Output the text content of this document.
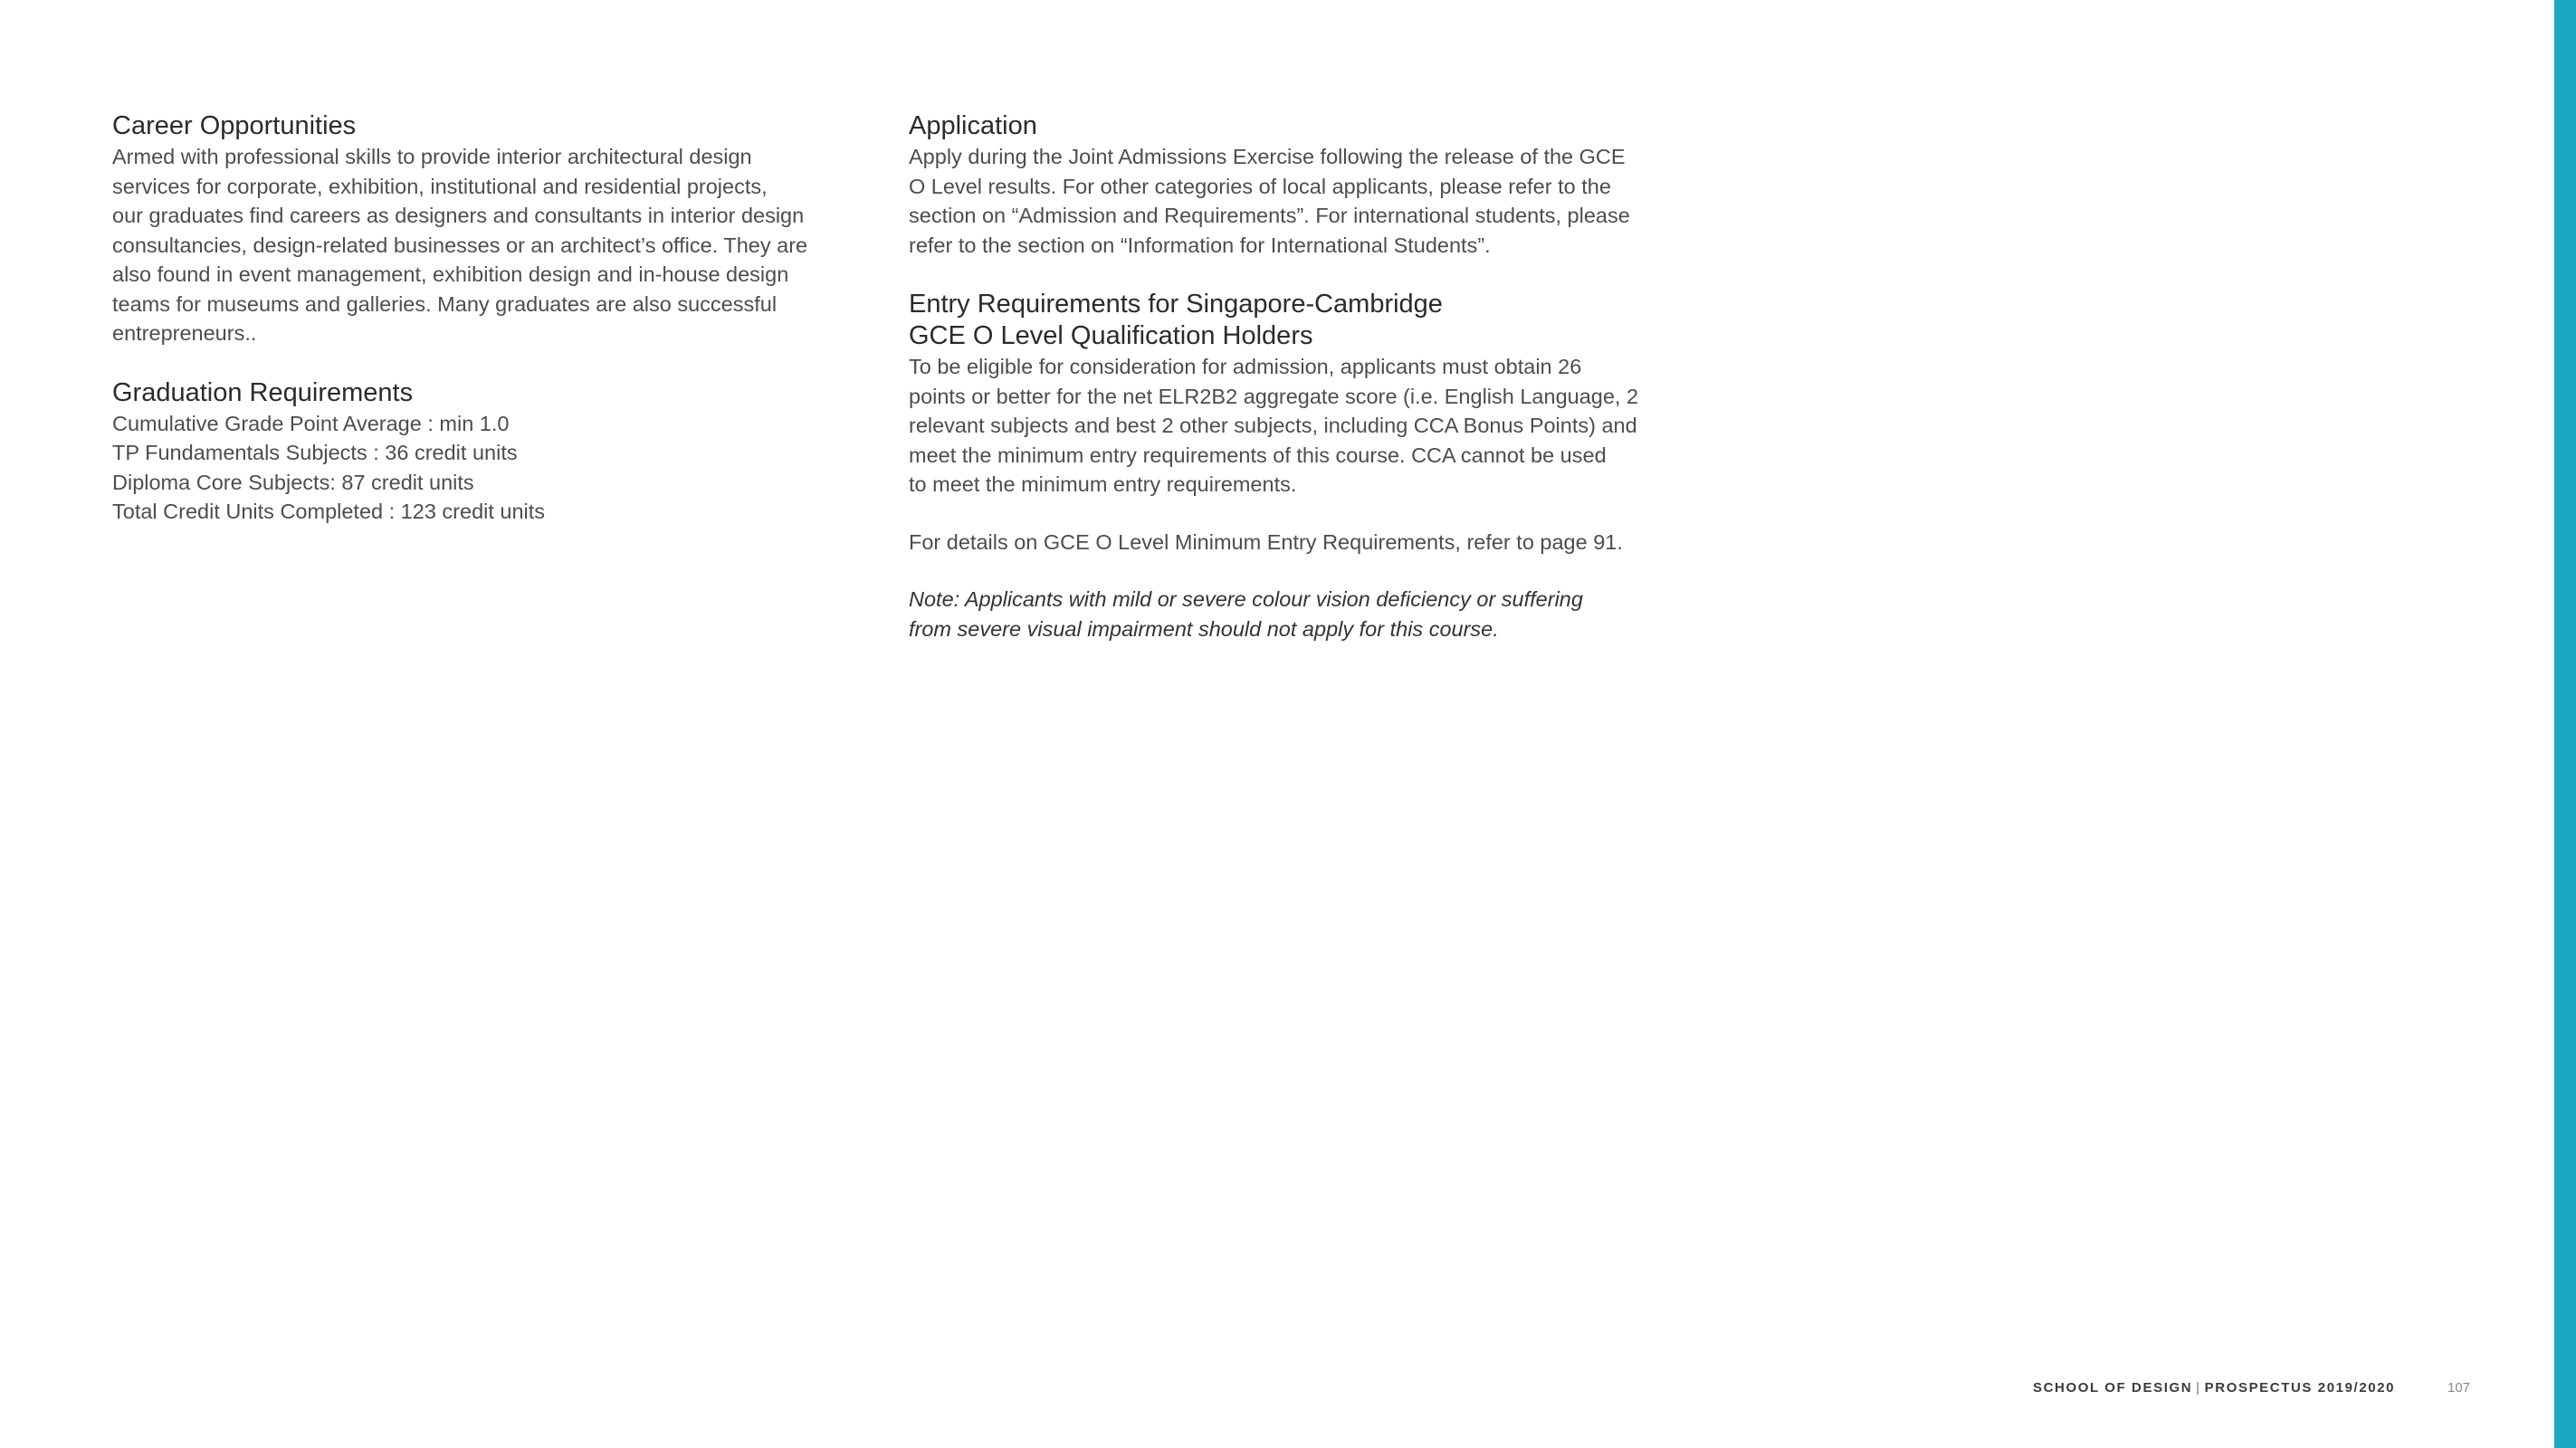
Career Opportunities

Armed with professional skills to provide interior architectural design

services for corporate, exhibition, institutional and residential projects,

our graduates find careers as designers and consultants in interior design

consultancies, design-related businesses or an architect’s office. They are

also found in event management, exhibition design and in-house design

teams for museums and galleries. Many graduates are also successful

entrepreneurs..

Graduation Requirements
Cumulative Grade Point Average : min 1.0
TP Fundamentals Subjects : 36 credit units
Diploma Core Subjects: 87 credit units
Total Credit Units Completed : 123 credit units
Application

Apply during the Joint Admissions Exercise following the release of the GCE

O Level results. For other categories of local applicants, please refer to the

section on “Admission and Requirements”. For international students, please

refer to the section on “Information for International Students”.

Entry Requirements for Singapore-Cambridge
GCE O Level Qualification Holders

To be eligible for consideration for admission, applicants must obtain 26

points or better for the net ELR2B2 aggregate score (i.e. English Language, 2

relevant subjects and best 2 other subjects, including CCA Bonus Points) and

meet the minimum entry requirements of this course. CCA cannot be used

to meet the minimum entry requirements.

For details on GCE O Level Minimum Entry Requirements, refer to page 91.

Note: Applicants with mild or severe colour vision deficiency or suffering

from severe visual impairment should not apply for this course.

SCHOOL OF DESIGN | PROSPECTUS 2019/2020	107
